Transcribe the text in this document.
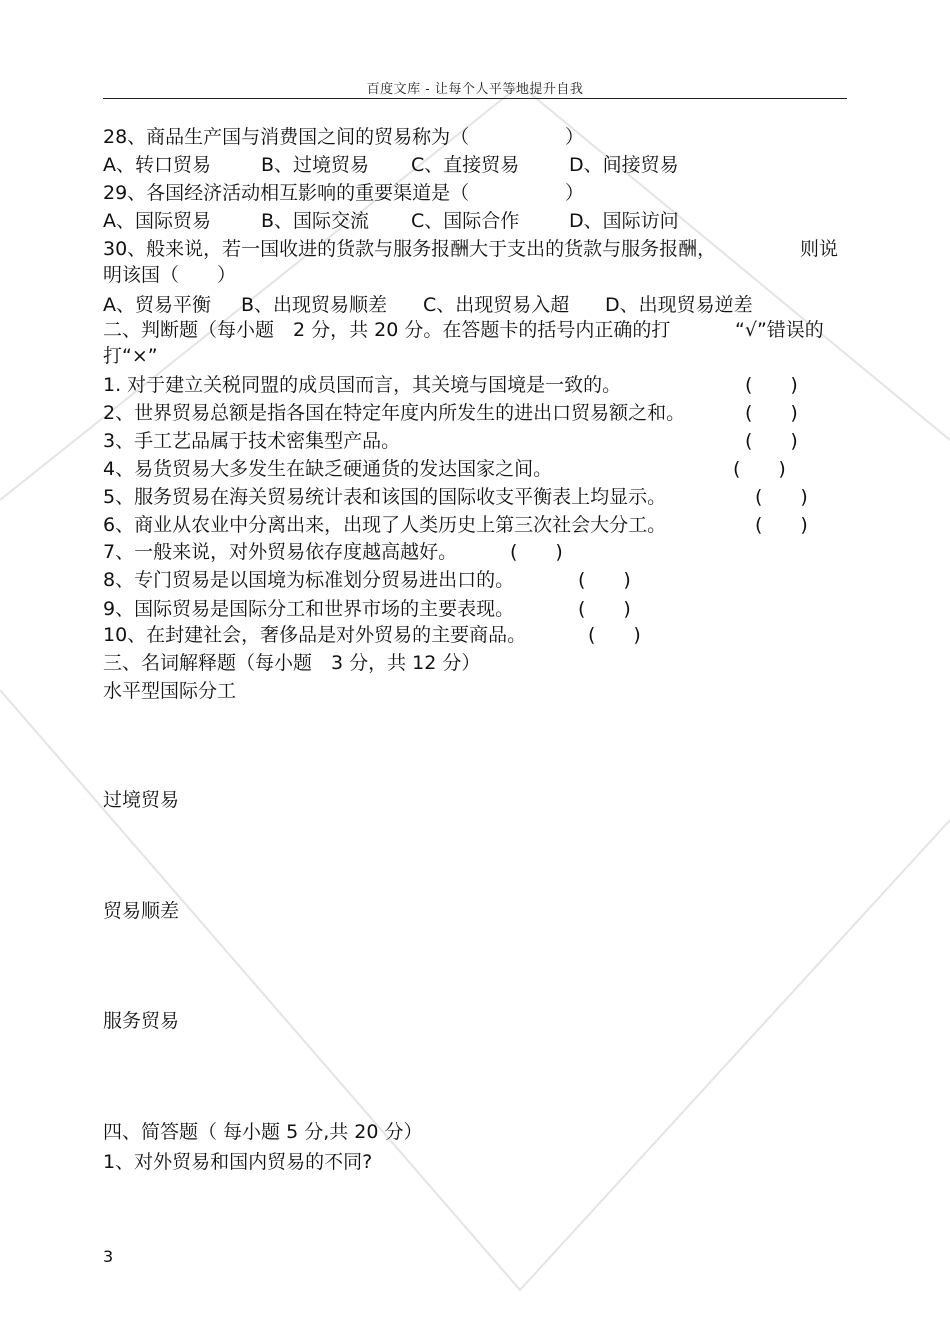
百度文库 - 让每个人平等地提升自我
28、商品生产国与消费国之间的贸易称为（	）
A、转口贸易	B、过境贸易 C、直接贸易	D、间接贸易
29、各国经济活动相互影响的重要渠道是（	）
A、国际贸易	B、国际交流 C、国际合作	D、国际访问
30、般来说，若一国收进的货款与服务报酬大于支出的货款与服务报酬，	则说
明该国（　　）
A、贸易平衡 B、出现贸易顺差 C、出现贸易入超 D、出现贸易逆差
二、判断题（每小题　2 分，共 20 分。在答题卡的括号内正确的打	“√”错误的
打“×”
1. 对于建立关税同盟的成员国而言，其关境与国境是一致的。	(　　)
2、世界贸易总额是指各国在特定年度内所发生的进出口贸易额之和。	(　　)
3、手工艺品属于技术密集型产品。	(　　)
4、易货贸易大多发生在缺乏硬通货的发达国家之间。	(　　)
5、服务贸易在海关贸易统计表和该国的国际收支平衡表上均显示。	(　　)
6、商业从农业中分离出来，出现了人类历史上第三次社会大分工。	(　　)
7、一般来说，对外贸易依存度越高越好。	(　　)
8、专门贸易是以国境为标准划分贸易进出口的。	(　　)
9、国际贸易是国际分工和世界市场的主要表现。	(　　)
10、在封建社会，奢侈品是对外贸易的主要商品。	(　　)
三、名词解释题（每小题　3 分，共 12 分）
水平型国际分工
过境贸易
贸易顺差
服务贸易
四、简答题（ 每小题 5 分,共 20 分）
1、对外贸易和国内贸易的不同?
3
